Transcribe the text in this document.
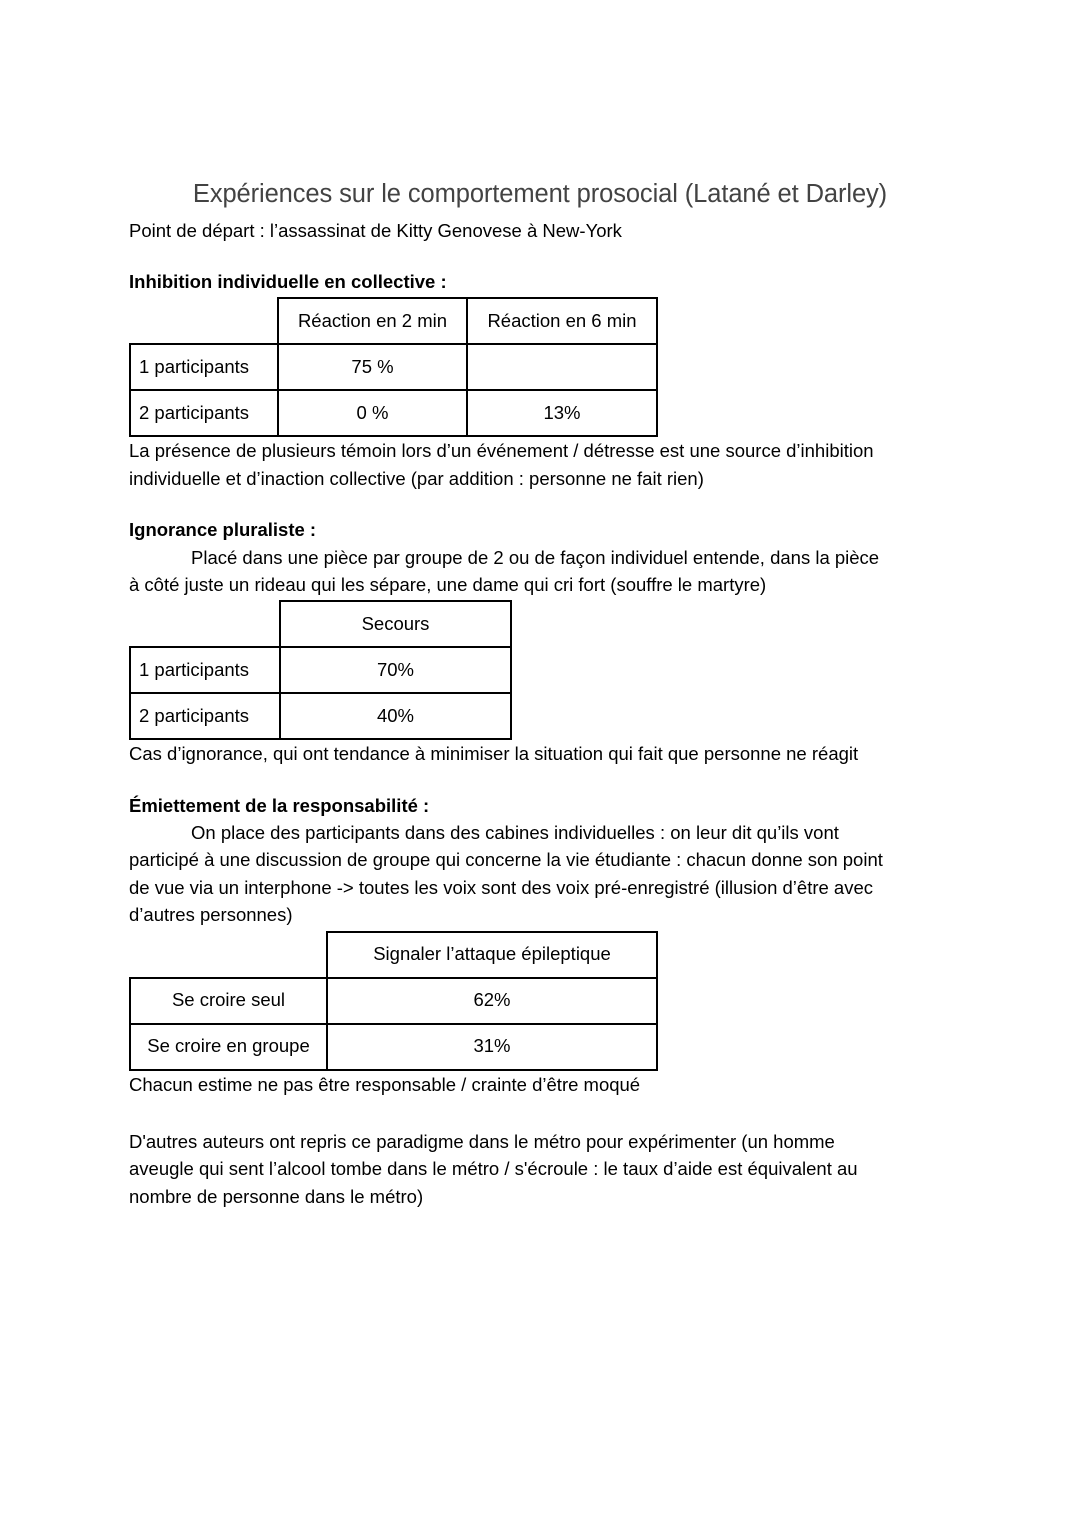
Expériences sur le comportement prosocial (Latané et Darley)

Point de départ : l’assassinat de Kitty Genovese à New-York

Inhibition individuelle en collective :

	Réaction en 2 min	Réaction en 6 min
1 participants	75 %	
2 participants	0 %	13%

La présence de plusieurs témoin lors d’un événement / détresse est une source d’inhibition

individuelle et d’inaction collective (par addition : personne ne fait rien)

Ignorance pluraliste :

Placé dans une pièce par groupe de 2 ou de façon individuel entende, dans la pièce

à côté juste un rideau qui les sépare, une dame qui cri fort (souffre le martyre)

	Secours
1 participants	70%
2 participants	40%

Cas d’ignorance, qui ont tendance à minimiser la situation qui fait que personne ne réagit

Émiettement de la responsabilité :

On place des participants dans des cabines individuelles : on leur dit qu’ils vont

participé à une discussion de groupe qui concerne la vie étudiante : chacun donne son point

de vue via un interphone -> toutes les voix sont des voix pré-enregistré (illusion d’être avec

d’autres personnes)

	Signaler l’attaque épileptique
Se croire seul	62%
Se croire en groupe	31%

Chacun estime ne pas être responsable / crainte d’être moqué

D'autres auteurs ont repris ce paradigme dans le métro pour expérimenter (un homme

aveugle qui sent l’alcool tombe dans le métro / s'écroule : le taux d’aide est équivalent au

nombre de personne dans le métro)
